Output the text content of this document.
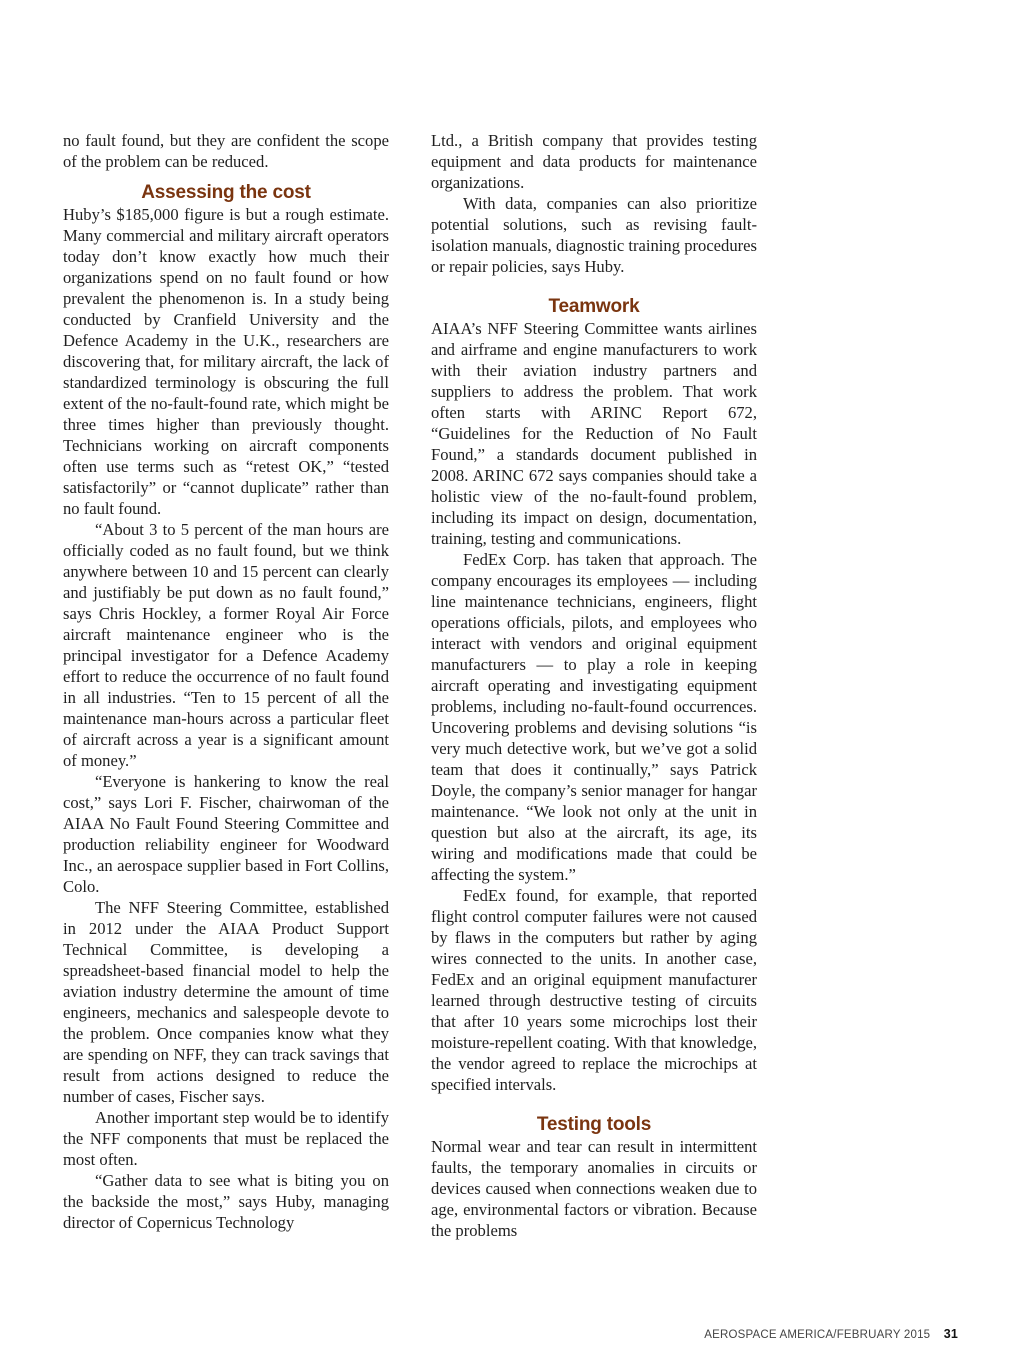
no fault found, but they are confident the scope of the problem can be reduced.

Assessing the cost

Huby’s $185,000 figure is but a rough estimate. Many commercial and military aircraft operators today don’t know exactly how much their organizations spend on no fault found or how prevalent the phenomenon is. In a study being conducted by Cranfield University and the Defence Academy in the U.K., researchers are discovering that, for military aircraft, the lack of standardized terminology is obscuring the full extent of the no-fault-found rate, which might be three times higher than previously thought. Technicians working on aircraft components often use terms such as “retest OK,” “tested satisfactorily” or “cannot duplicate” rather than no fault found.

“About 3 to 5 percent of the man hours are officially coded as no fault found, but we think anywhere between 10 and 15 percent can clearly and justifiably be put down as no fault found,” says Chris Hockley, a former Royal Air Force aircraft maintenance engineer who is the principal investigator for a Defence Academy effort to reduce the occurrence of no fault found in all industries. “Ten to 15 percent of all the maintenance man-hours across a particular fleet of aircraft across a year is a significant amount of money.”

“Everyone is hankering to know the real cost,” says Lori F. Fischer, chairwoman of the AIAA No Fault Found Steering Committee and production reliability engineer for Woodward Inc., an aerospace supplier based in Fort Collins, Colo.

The NFF Steering Committee, established in 2012 under the AIAA Product Support Technical Committee, is developing a spreadsheet-based financial model to help the aviation industry determine the amount of time engineers, mechanics and salespeople devote to the problem. Once companies know what they are spending on NFF, they can track savings that result from actions designed to reduce the number of cases, Fischer says.

Another important step would be to identify the NFF components that must be replaced the most often.

“Gather data to see what is biting you on the backside the most,” says Huby, managing director of Copernicus Technology

Ltd., a British company that provides testing equipment and data products for maintenance organizations.

With data, companies can also prioritize potential solutions, such as revising fault-isolation manuals, diagnostic training procedures or repair policies, says Huby.

Teamwork

AIAA’s NFF Steering Committee wants airlines and airframe and engine manufacturers to work with their aviation industry partners and suppliers to address the problem. That work often starts with ARINC Report 672, “Guidelines for the Reduction of No Fault Found,” a standards document published in 2008. ARINC 672 says companies should take a holistic view of the no-fault-found problem, including its impact on design, documentation, training, testing and communications.

FedEx Corp. has taken that approach. The company encourages its employees — including line maintenance technicians, engineers, flight operations officials, pilots, and employees who interact with vendors and original equipment manufacturers — to play a role in keeping aircraft operating and investigating equipment problems, including no-fault-found occurrences. Uncovering problems and devising solutions “is very much detective work, but we’ve got a solid team that does it continually,” says Patrick Doyle, the company’s senior manager for hangar maintenance. “We look not only at the unit in question but also at the aircraft, its age, its wiring and modifications made that could be affecting the system.”

FedEx found, for example, that reported flight control computer failures were not caused by flaws in the computers but rather by aging wires connected to the units. In another case, FedEx and an original equipment manufacturer learned through destructive testing of circuits that after 10 years some microchips lost their moisture-repellent coating. With that knowledge, the vendor agreed to replace the microchips at specified intervals.

Testing tools

Normal wear and tear can result in intermittent faults, the temporary anomalies in circuits or devices caused when connections weaken due to age, environmental factors or vibration. Because the problems

AEROSPACE AMERICA/FEBRUARY 2015 31
